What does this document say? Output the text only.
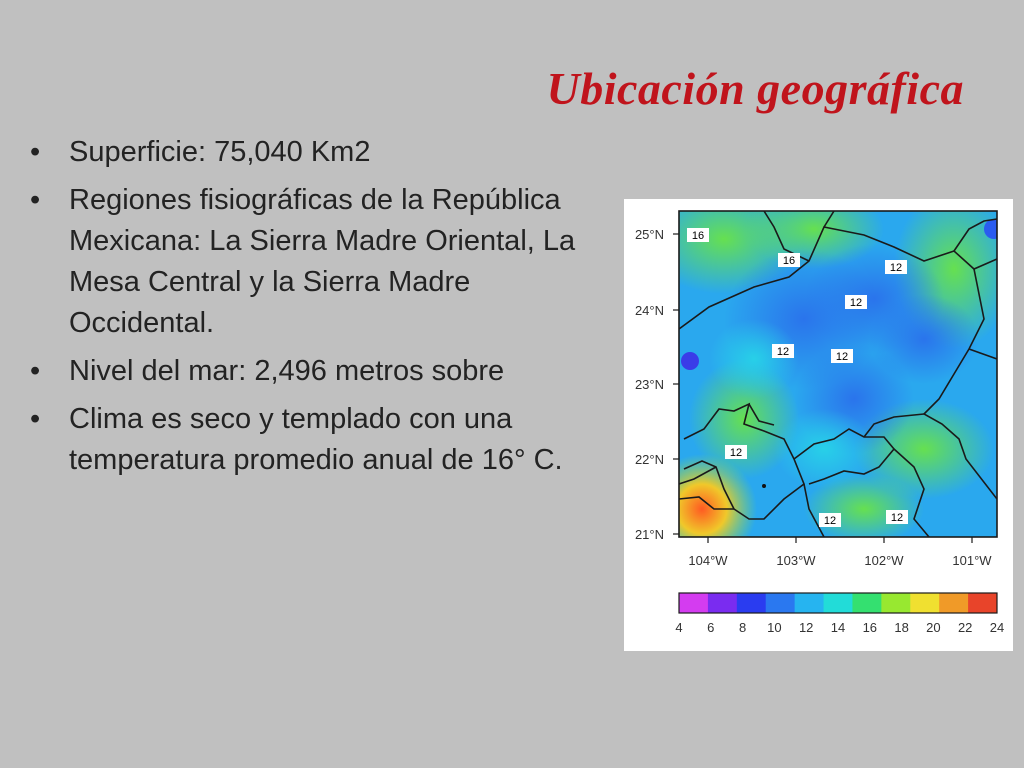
Ubicación geográfica
• Superficie: 75,040 Km2
• Regiones fisiográficas de la República Mexicana: La Sierra Madre Oriental, La Mesa Central y la Sierra Madre Occidental.
• Nivel del mar: 2,496 metros sobre
• Clima es seco y templado con una temperatura promedio anual de 16° C.
16
16
12
12
12	12
12
12	12
25°N
24°N
23°N
22°N
21°N
104°W	103°W	102°W	101°W
4 6 8 10 12 14 16 18 20 22 24
